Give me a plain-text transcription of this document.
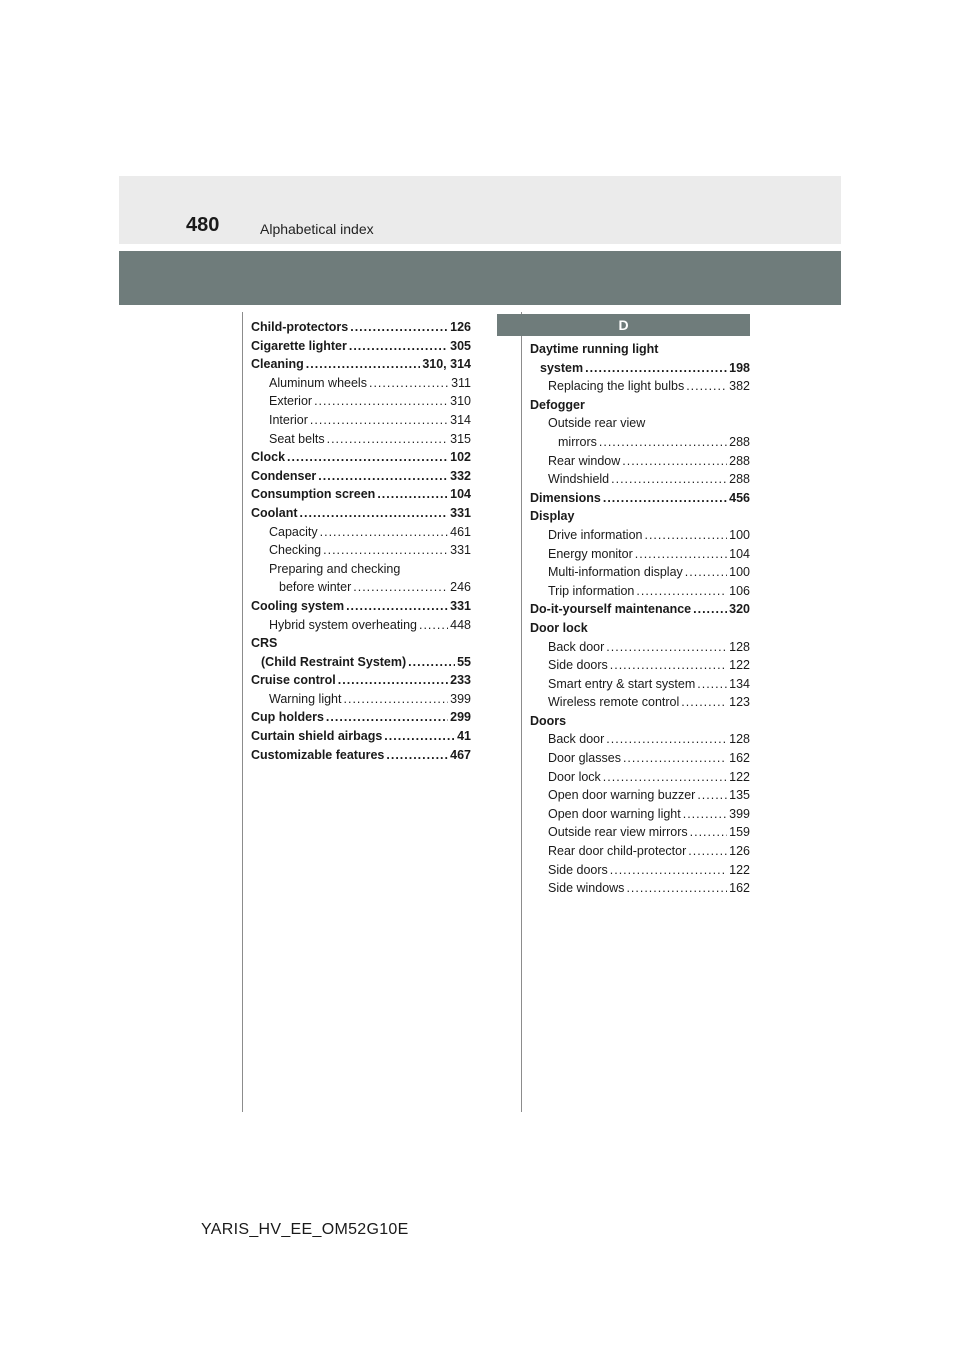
480	Alphabetical index
Child-protectors .....	126
Cigarette lighter .....	305
Cleaning .....	310, 314
Aluminum wheels .....	311
Exterior .....	310
Interior .....	314
Seat belts .....	315
Clock .....	102
Condenser .....	332
Consumption screen .....	104
Coolant .....	331
Capacity .....	461
Checking .....	331
Preparing and checking
before winter .....	246
Cooling system .....	331
Hybrid system overheating .....	448
CRS
(Child Restraint System) .....	55
Cruise control .....	233
Warning light .....	399
Cup holders .....	299
Curtain shield airbags .....	41
Customizable features .....	467
D
Daytime running light
system .....	198
Replacing the light bulbs .....	382
Defogger
Outside rear view
mirrors .....	288
Rear window .....	288
Windshield .....	288
Dimensions .....	456
Display
Drive information .....	100
Energy monitor .....	104
Multi-information display .....	100
Trip information .....	106
Do-it-yourself maintenance .....	320
Door lock
Back door .....	128
Side doors .....	122
Smart entry & start system .....	134
Wireless remote control .....	123
Doors
Back door .....	128
Door glasses .....	162
Door lock .....	122
Open door warning buzzer .....	135
Open door warning light .....	399
Outside rear view mirrors .....	159
Rear door child-protector .....	126
Side doors .....	122
Side windows .....	162
YARIS_HV_EE_OM52G10E
